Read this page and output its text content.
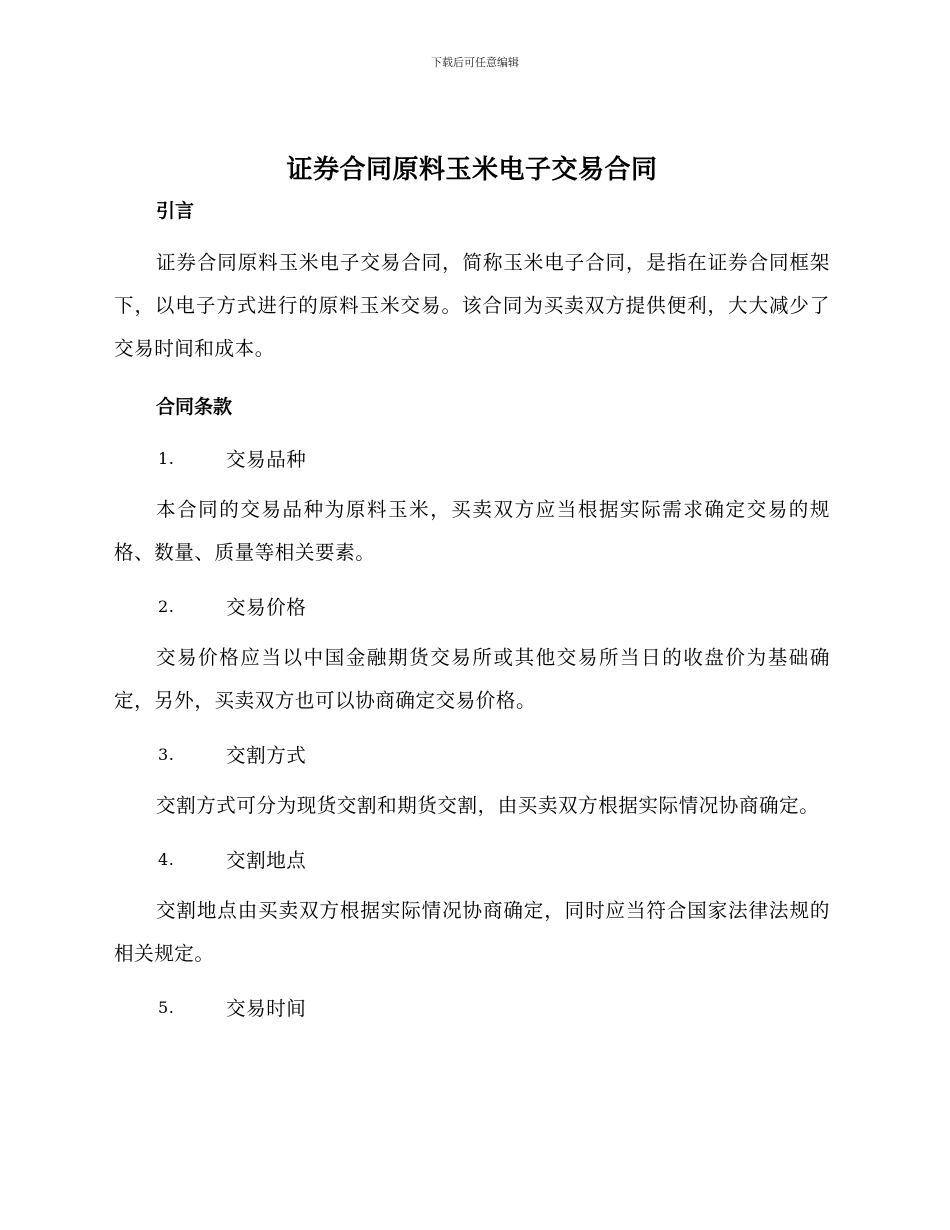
下载后可任意编辑
证券合同原料玉米电子交易合同
引言

证券合同原料玉米电子交易合同，简称玉米电子合同，是指在证券合同框架下，以电子方式进行的原料玉米交易。该合同为买卖双方提供便利，大大减少了交易时间和成本。

合同条款
1.	交易品种

本合同的交易品种为原料玉米，买卖双方应当根据实际需求确定交易的规格、数量、质量等相关要素。

2.	交易价格

交易价格应当以中国金融期货交易所或其他交易所当日的收盘价为基础确定，另外，买卖双方也可以协商确定交易价格。

3.	交割方式

交割方式可分为现货交割和期货交割，由买卖双方根据实际情况协商确定。

4.	交割地点

交割地点由买卖双方根据实际情况协商确定，同时应当符合国家法律法规的相关规定。

5.	交易时间
